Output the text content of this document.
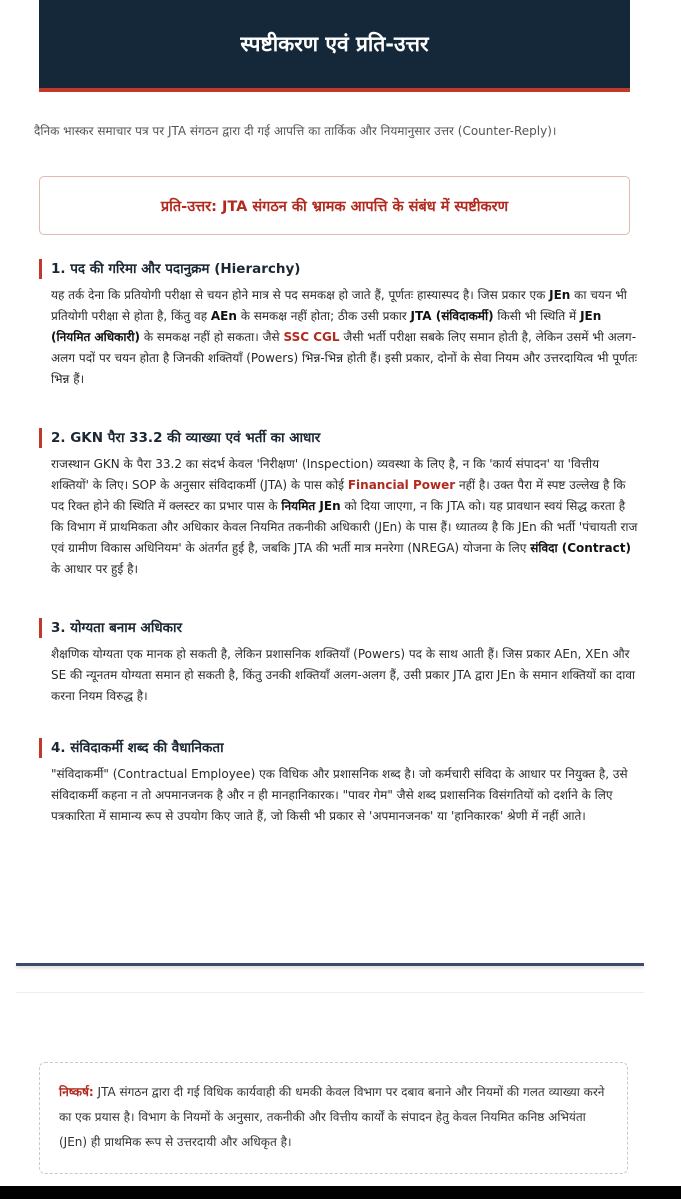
स्पष्टीकरण एवं प्रति-उत्तर
दैनिक भास्कर समाचार पत्र पर JTA संगठन द्वारा दी गई आपत्ति का तार्किक और नियमानुसार उत्तर (Counter-Reply)।
प्रति-उत्तर: JTA संगठन की भ्रामक आपत्ति के संबंध में स्पष्टीकरण
1. पद की गरिमा और पदानुक्रम (Hierarchy)

यह तर्क देना कि प्रतियोगी परीक्षा से चयन होने मात्र से पद समकक्ष हो जाते हैं, पूर्णतः हास्यास्पद है। जिस प्रकार एक JEn का चयन भी प्रतियोगी परीक्षा से होता है, किंतु वह AEn के समकक्ष नहीं होता; ठीक उसी प्रकार JTA (संविदाकर्मी) किसी भी स्थिति में JEn (नियमित अधिकारी) के समकक्ष नहीं हो सकता। जैसे SSC CGL जैसी भर्ती परीक्षा सबके लिए समान होती है, लेकिन उसमें भी अलग-अलग पदों पर चयन होता है जिनकी शक्तियाँ (Powers) भिन्न-भिन्न होती हैं। इसी प्रकार, दोनों के सेवा नियम और उत्तरदायित्व भी पूर्णतः भिन्न हैं।

2. GKN पैरा 33.2 की व्याख्या एवं भर्ती का आधार

राजस्थान GKN के पैरा 33.2 का संदर्भ केवल 'निरीक्षण' (Inspection) व्यवस्था के लिए है, न कि 'कार्य संपादन' या 'वित्तीय शक्तियों' के लिए। SOP के अनुसार संविदाकर्मी (JTA) के पास कोई Financial Power नहीं है। उक्त पैरा में स्पष्ट उल्लेख है कि पद रिक्त होने की स्थिति में क्लस्टर का प्रभार पास के नियमित JEn को दिया जाएगा, न कि JTA को। यह प्रावधान स्वयं सिद्ध करता है कि विभाग में प्राथमिकता और अधिकार केवल नियमित तकनीकी अधिकारी (JEn) के पास हैं। ध्यातव्य है कि JEn की भर्ती 'पंचायती राज एवं ग्रामीण विकास अधिनियम' के अंतर्गत हुई है, जबकि JTA की भर्ती मात्र मनरेगा (NREGA) योजना के लिए संविदा (Contract) के आधार पर हुई है।

3. योग्यता बनाम अधिकार

शैक्षणिक योग्यता एक मानक हो सकती है, लेकिन प्रशासनिक शक्तियाँ (Powers) पद के साथ आती हैं। जिस प्रकार AEn, XEn और SE की न्यूनतम योग्यता समान हो सकती है, किंतु उनकी शक्तियाँ अलग-अलग हैं, उसी प्रकार JTA द्वारा JEn के समान शक्तियों का दावा करना नियम विरुद्ध है।

4. संविदाकर्मी शब्द की वैधानिकता

"संविदाकर्मी" (Contractual Employee) एक विधिक और प्रशासनिक शब्द है। जो कर्मचारी संविदा के आधार पर नियुक्त है, उसे संविदाकर्मी कहना न तो अपमानजनक है और न ही मानहानिकारक। "पावर गेम" जैसे शब्द प्रशासनिक विसंगतियों को दर्शाने के लिए पत्रकारिता में सामान्य रूप से उपयोग किए जाते हैं, जो किसी भी प्रकार से 'अपमानजनक' या 'हानिकारक' श्रेणी में नहीं आते।

निष्कर्ष: JTA संगठन द्वारा दी गई विधिक कार्यवाही की धमकी केवल विभाग पर दबाव बनाने और नियमों की गलत व्याख्या करने का एक प्रयास है। विभाग के नियमों के अनुसार, तकनीकी और वित्तीय कार्यों के संपादन हेतु केवल नियमित कनिष्ठ अभियंता (JEn) ही प्राथमिक रूप से उत्तरदायी और अधिकृत है।
